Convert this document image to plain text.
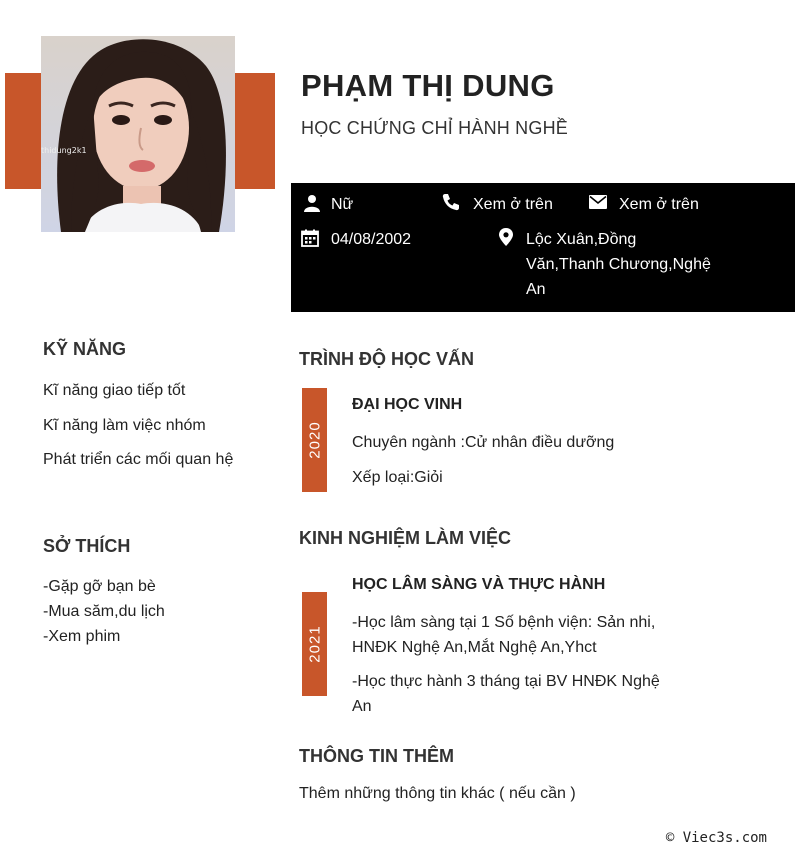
thidung2k1
PHẠM THỊ DUNG
HỌC CHỨNG CHỈ HÀNH NGHỀ
Nữ	Xem ở trên	Xem ở trên
04/08/2002	Lộc Xuân,Đồng
Văn,Thanh Chương,Nghệ
An
KỸ NĂNG
Kĩ năng giao tiếp tốt
Kĩ năng làm việc nhóm
Phát triển các mối quan hệ
SỞ THÍCH
-Gặp gỡ bạn bè
-Mua săm,du lịch
-Xem phim
TRÌNH ĐỘ HỌC VẤN
2020
ĐẠI HỌC VINH
Chuyên ngành :Cử nhân điều dưỡng
Xếp loại:Giỏi
KINH NGHIỆM LÀM VIỆC
HỌC LÂM SÀNG VÀ THỰC HÀNH
2021
-Học lâm sàng tại 1 Số bệnh viện: Sản nhi,
HNĐK Nghệ An,Mắt Nghệ An,Yhct
-Học thực hành 3 tháng tại BV HNĐK Nghệ
An
THÔNG TIN THÊM
Thêm những thông tin khác ( nếu cần )
© Viec3s.com
